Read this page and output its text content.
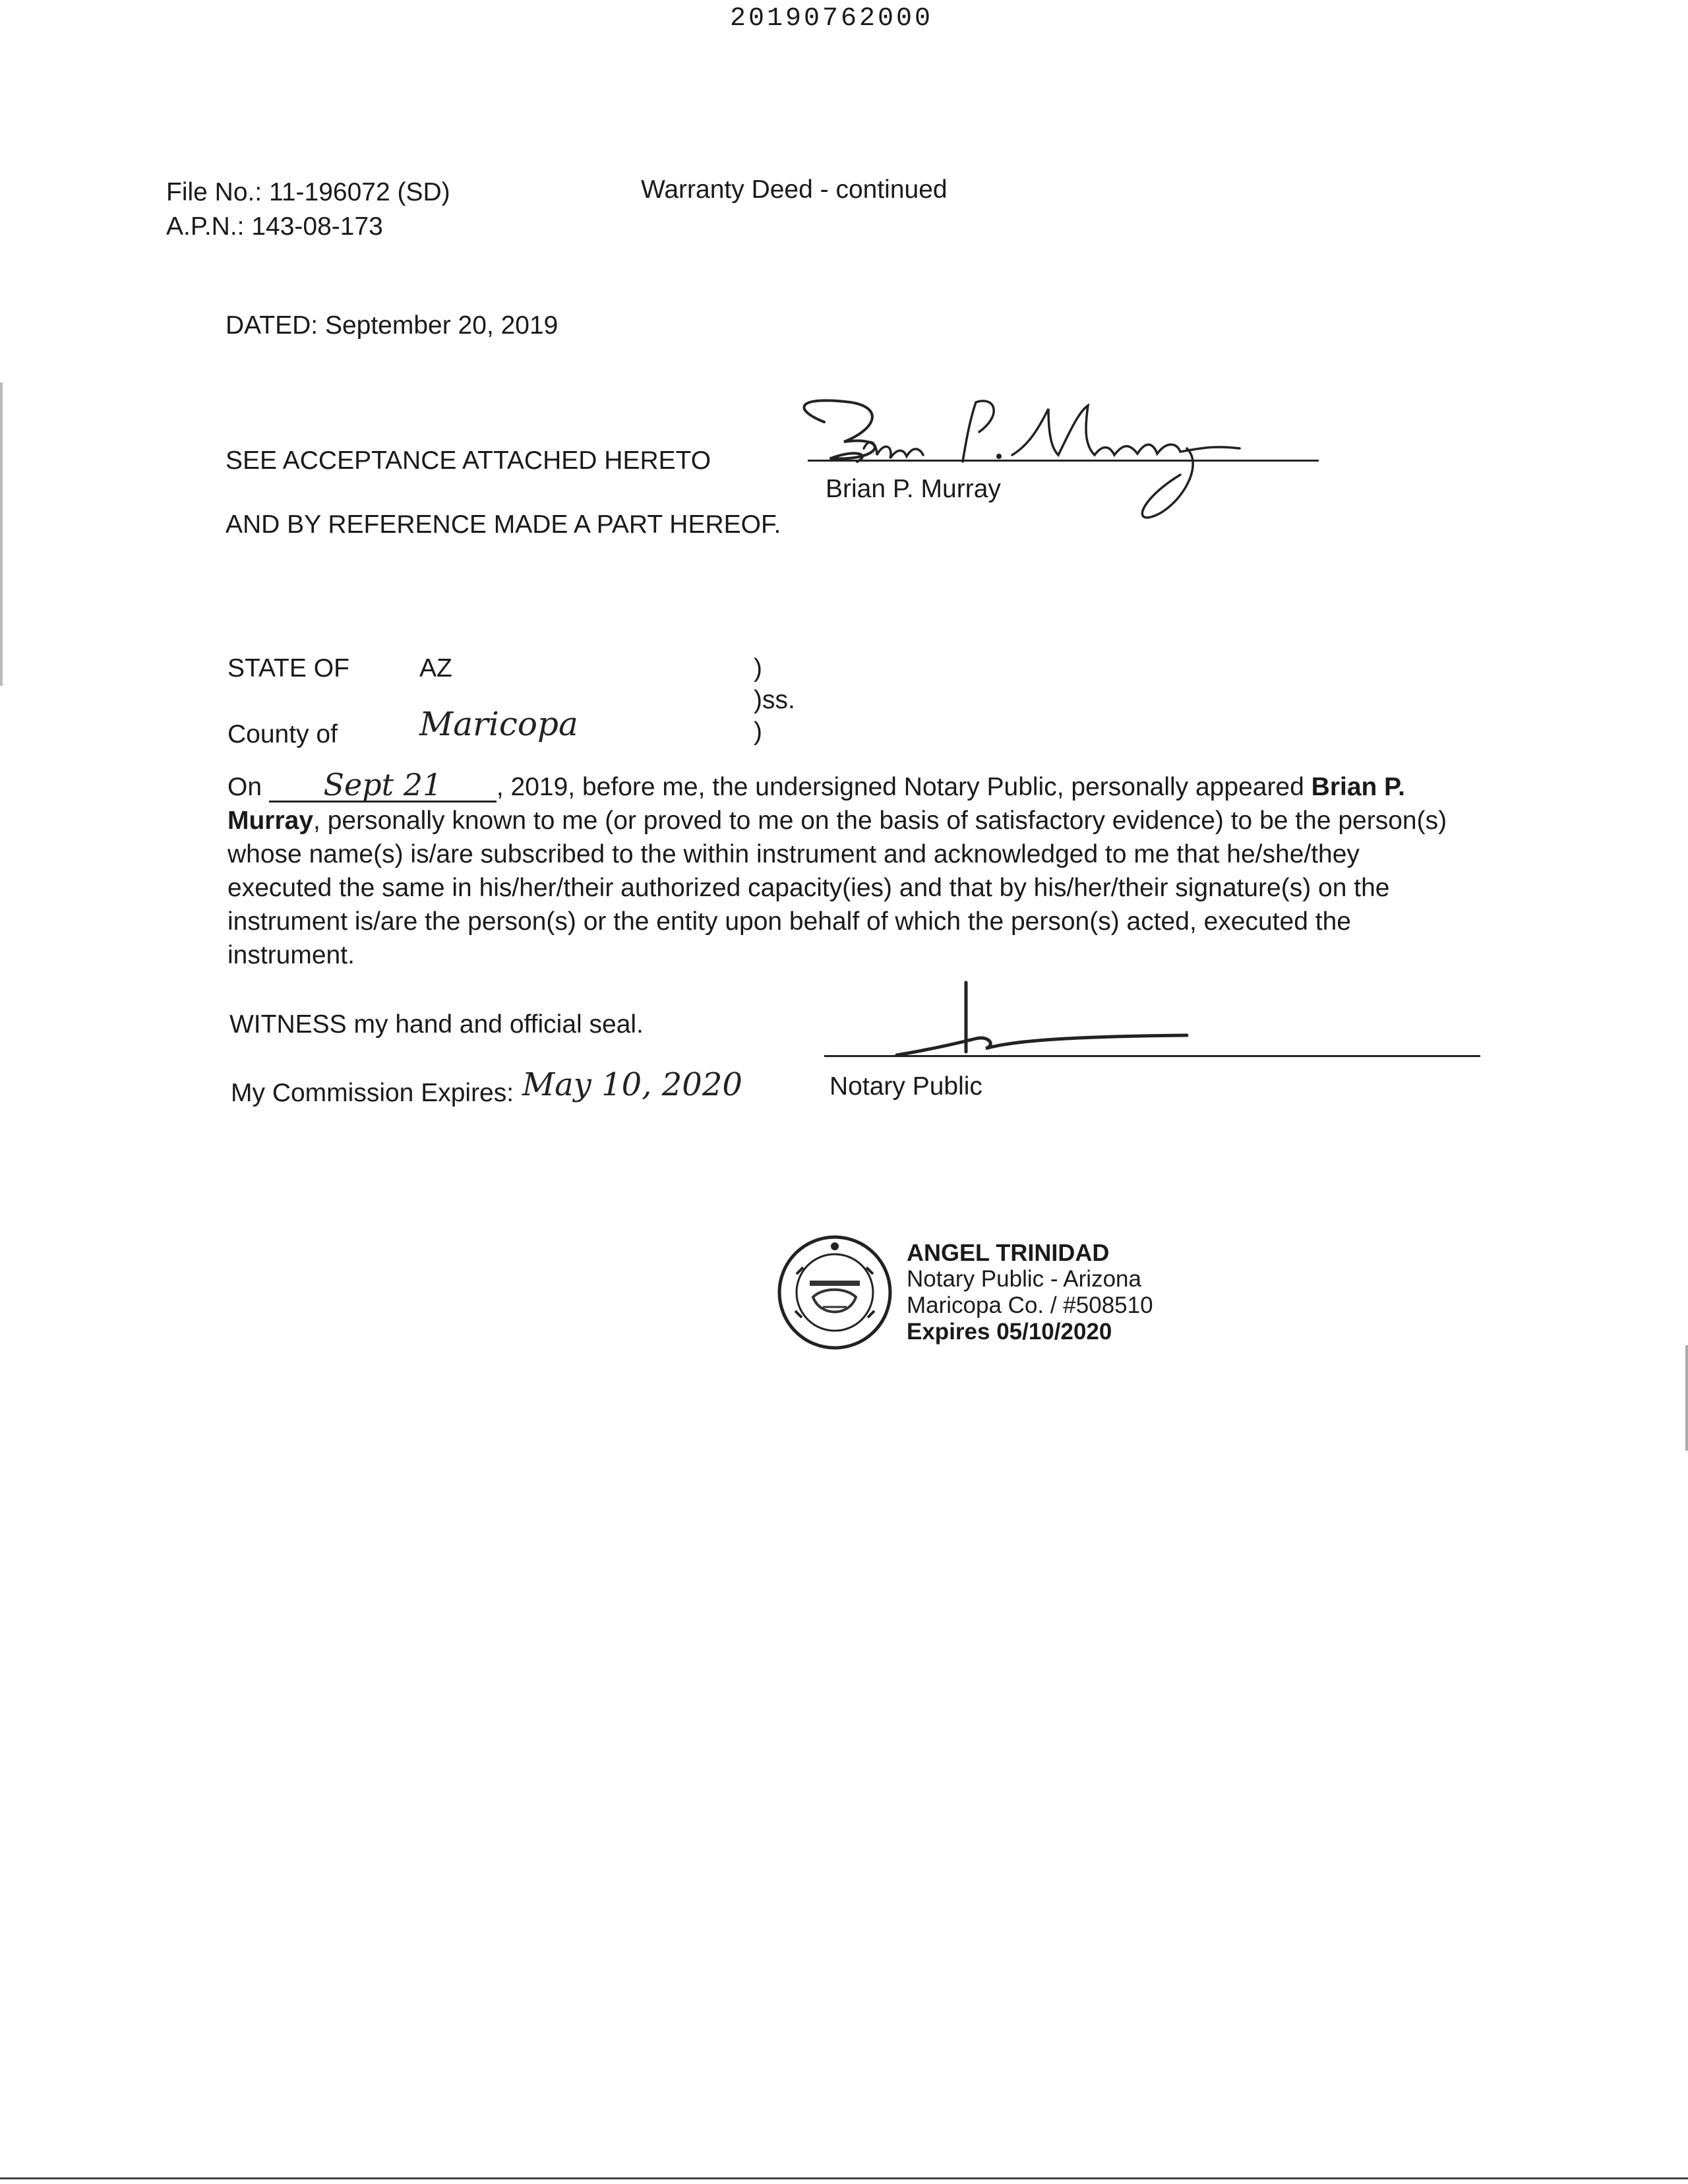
20190762000
File No.: 11-196072 (SD)
A.P.N.: 143-08-173
Warranty Deed - continued
DATED: September 20, 2019
SEE ACCEPTANCE ATTACHED HERETO
AND BY REFERENCE MADE A PART HEREOF.
Brian P. Murray
STATE OF	AZ	)
)ss.
County of Maricopa	)
On Sept 21 , 2019, before me, the undersigned Notary Public, personally appeared Brian P. Murray, personally known to me (or proved to me on the basis of satisfactory evidence) to be the person(s) whose name(s) is/are subscribed to the within instrument and acknowledged to me that he/she/they executed the same in his/her/their authorized capacity(ies) and that by his/her/their signature(s) on the instrument is/are the person(s) or the entity upon behalf of which the person(s) acted, executed the instrument.
WITNESS my hand and official seal.
Notary Public
My Commission Expires: May 10, 2020
ANGEL TRINIDAD
Notary Public - Arizona
Maricopa Co. / #508510
Expires 05/10/2020
